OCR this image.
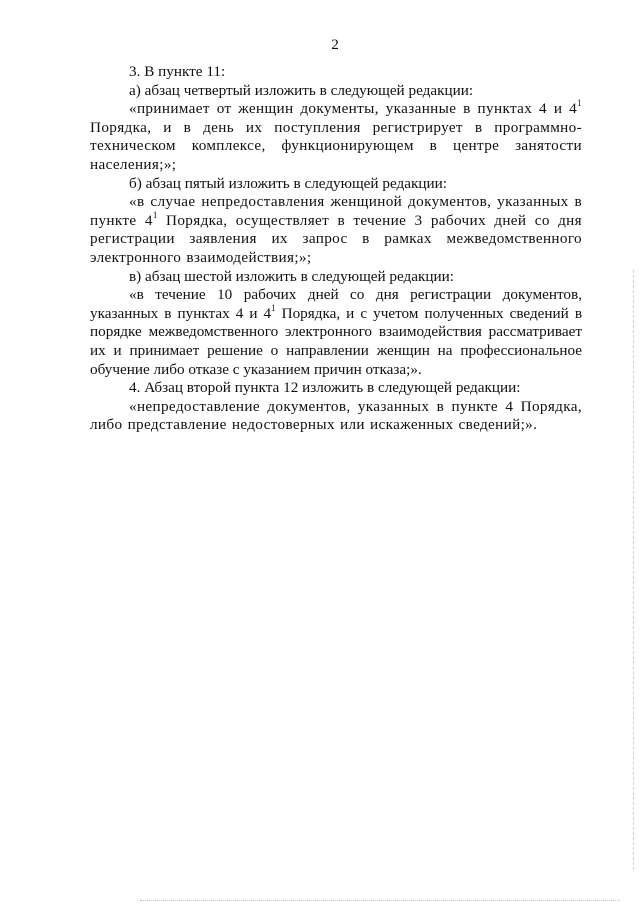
2

3. В пункте 11:

а) абзац четвертый изложить в следующей редакции:

«принимает от женщин документы, указанные в пунктах 4 и $4^1$ Порядка, и в день их поступления регистрирует в программно-техническом комплексе, функционирующем в центре занятости населения;»;

б) абзац пятый изложить в следующей редакции:

«в случае непредоставления женщиной документов, указанных в пункте $4^1$ Порядка, осуществляет в течение 3 рабочих дней со дня регистрации заявления их запрос в рамках межведомственного электронного взаимодействия;»;

в) абзац шестой изложить в следующей редакции:

«в течение 10 рабочих дней со дня регистрации документов, указанных в пунктах 4 и $4^1$ Порядка, и с учетом полученных сведений в порядке межведомственного электронного взаимодействия рассматривает их и принимает решение о направлении женщин на профессиональное обучение либо отказе с указанием причин отказа;».

4. Абзац второй пункта 12 изложить в следующей редакции:

«непредоставление документов, указанных в пункте 4 Порядка, либо представление недостоверных или искаженных сведений;».
